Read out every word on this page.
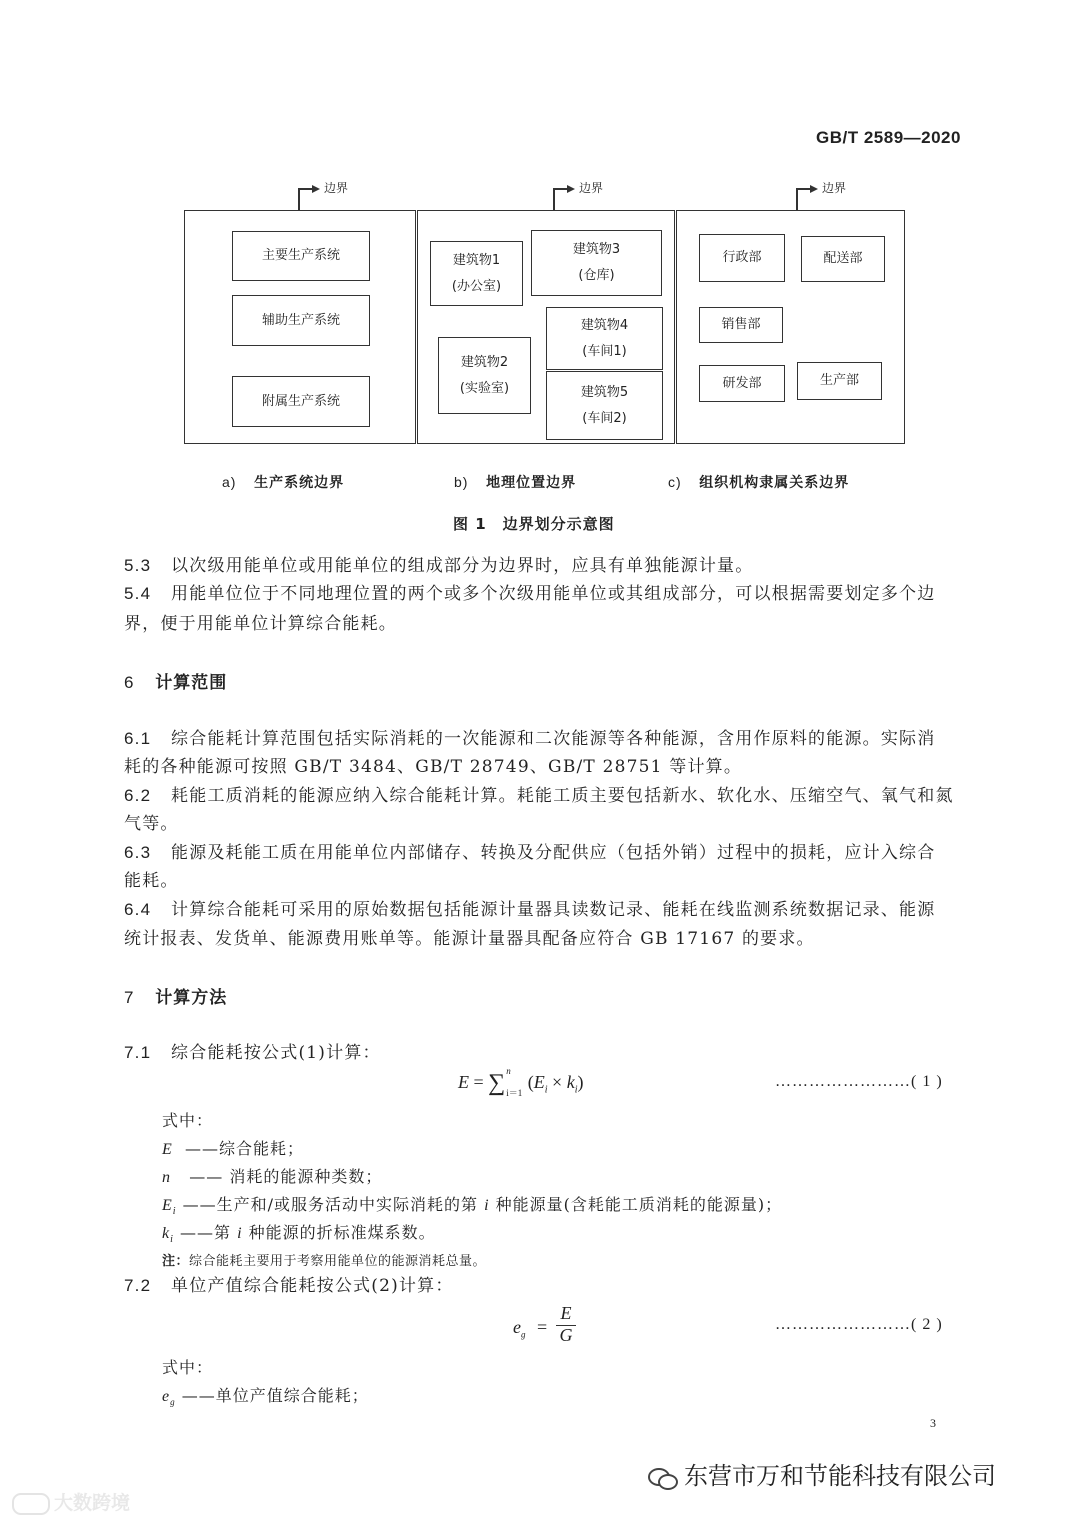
GB/T 2589—2020
边界
主要生产系统
辅助生产系统
附属生产系统
边界
建筑物1
(办公室)
建筑物3
(仓库)
建筑物2
(实验室)
建筑物4
(车间1)
建筑物5
(车间2)
边界
行政部	配送部
销售部
研发部	生产部
a) 生产系统边界	b) 地理位置边界	c) 组织机构隶属关系边界
图 1　边界划分示意图
5.3 以次级用能单位或用能单位的组成部分为边界时，应具有单独能源计量。
5.4 用能单位位于不同地理位置的两个或多个次级用能单位或其组成部分，可以根据需要划定多个边
界，便于用能单位计算综合能耗。
6 计算范围
6.1 综合能耗计算范围包括实际消耗的一次能源和二次能源等各种能源，含用作原料的能源。实际消
耗的各种能源可按照 GB/T 3484、GB/T 28749、GB/T 28751 等计算。
6.2 耗能工质消耗的能源应纳入综合能耗计算。耗能工质主要包括新水、软化水、压缩空气、氧气和氮
气等。
6.3 能源及耗能工质在用能单位内部储存、转换及分配供应（包括外销）过程中的损耗，应计入综合
能耗。
6.4 计算综合能耗可采用的原始数据包括能源计量器具读数记录、能耗在线监测系统数据记录、能源
统计报表、发货单、能源费用账单等。能源计量器具配备应符合 GB 17167 的要求。
7 计算方法
7.1 综合能耗按公式(1)计算：
E = ∑ n
i＝1
$(E_i \times k_i)$	……………………( 1 )
式中：
E ——综合能耗；
n —— 消耗的能源种类数；
$E_i$ ——生产和/或服务活动中实际消耗的第 i 种能源量(含耗能工质消耗的能源量)；
$k_i$ ——第 i 种能源的折标准煤系数。
注：综合能耗主要用于考察用能单位的能源消耗总量。
7.2 单位产值综合能耗按公式(2)计算：
$e_g$ =
E
G
……………………( 2 )
式中：
$e_g$ ——单位产值综合能耗；
3
东营市万和节能科技有限公司
大数跨境
